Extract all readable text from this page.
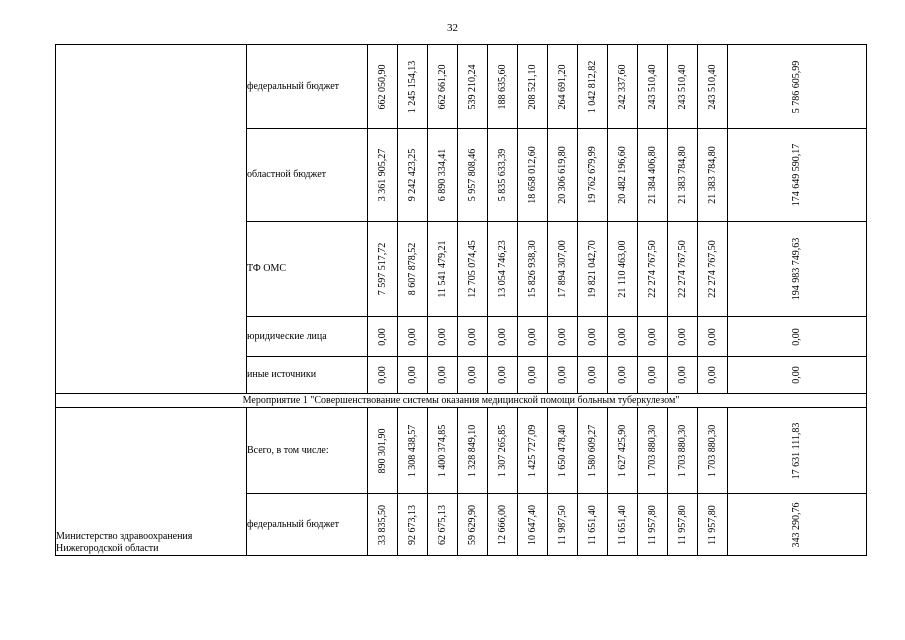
32
	федеральный бюджет	662 050,90	1 245 154,13	662 661,20	539 210,24	188 635,60	208 521,10	264 691,20	1 042 812,82	242 337,60	243 510,40	243 510,40	243 510,40	5 786 605,99

	областной бюджет	3 361 905,27	9 242 423,25	6 890 334,41	5 957 808,46	5 835 633,39	18 658 012,60	20 306 619,80	19 762 679,99	20 482 196,60	21 384 406,80	21 383 784,80	21 383 784,80	174 649 590,17

	ТФ ОМС	7 597 517,72	8 607 878,52	11 541 479,21	12 705 074,45	13 054 746,23	15 826 938,30	17 894 307,00	19 821 042,70	21 110 463,00	22 274 767,50	22 274 767,50	22 274 767,50	194 983 749,63

	юридические лица	0,00	0,00	0,00	0,00	0,00	0,00	0,00	0,00	0,00	0,00	0,00	0,00	0,00

	иные источники	0,00	0,00	0,00	0,00	0,00	0,00	0,00	0,00	0,00	0,00	0,00	0,00	0,00

Мероприятие 1 "Совершенствование системы оказания медицинской помощи больным туберкулезом"														
Министерство здравоохранения Нижегородской области	Всего, в том числе:	890 301,90	1 308 438,57	1 400 374,85	1 328 849,10	1 307 265,85	1 425 727,09	1 650 478,40	1 580 609,27	1 627 425,90	1 703 880,30	1 703 880,30	1 703 880,30	17 631 111,83

	федеральный бюджет	33 835,50	92 673,13	62 675,13	59 629,90	12 666,00	10 647,40	11 987,50	11 651,40	11 651,40	11 957,80	11 957,80	11 957,80	343 290,76
